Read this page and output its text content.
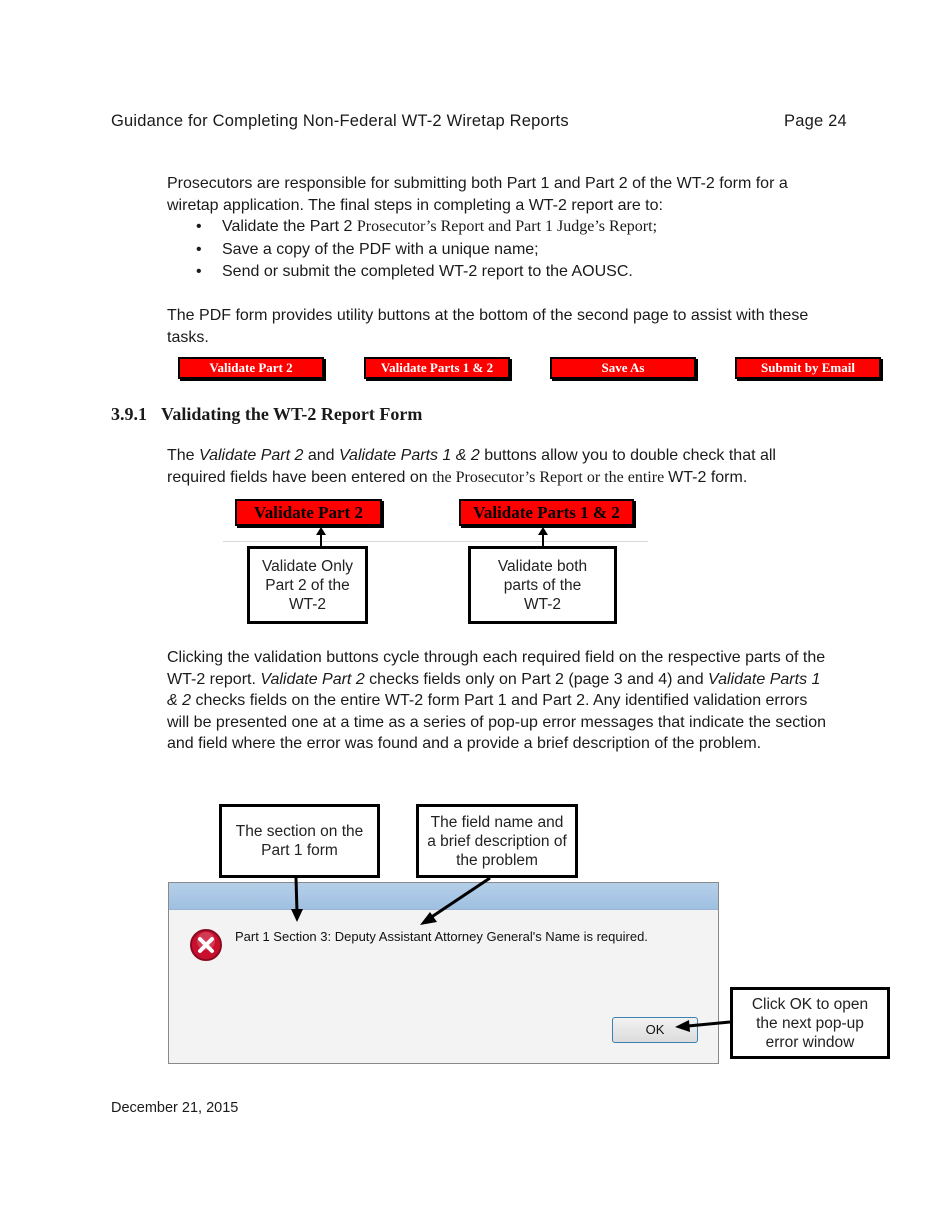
Guidance for Completing Non-Federal WT-2 Wiretap Reports	Page 24
Prosecutors are responsible for submitting both Part 1 and Part 2 of the WT-2 form for a wiretap application. The final steps in completing a WT-2 report are to:
• Validate the Part 2 Prosecutor’s Report and Part 1 Judge’s Report;
• Save a copy of the PDF with a unique name;
• Send or submit the completed WT-2 report to the AOUSC.
The PDF form provides utility buttons at the bottom of the second page to assist with these tasks.
Validate Part 2	Validate Parts 1 & 2	Save As	Submit by Email
3.9.1 Validating the WT-2 Report Form
The Validate Part 2 and Validate Parts 1 & 2 buttons allow you to double check that all required fields have been entered on the Prosecutor’s Report or the entire WT-2 form.
Validate Part 2	Validate Parts 1 & 2
Validate Only Part 2 of the WT-2
Validate both parts of the WT-2
Clicking the validation buttons cycle through each required field on the respective parts of the WT-2 report. Validate Part 2 checks fields only on Part 2 (page 3 and 4) and Validate Parts 1 & 2 checks fields on the entire WT-2 form Part 1 and Part 2. Any identified validation errors will be presented one at a time as a series of pop-up error messages that indicate the section and field where the error was found and a provide a brief description of the problem.
The section on the Part 1 form
The field name and a brief description of the problem
Part 1 Section 3: Deputy Assistant Attorney General's Name is required.
OK
Click OK to open the next pop-up error window
December 21, 2015
